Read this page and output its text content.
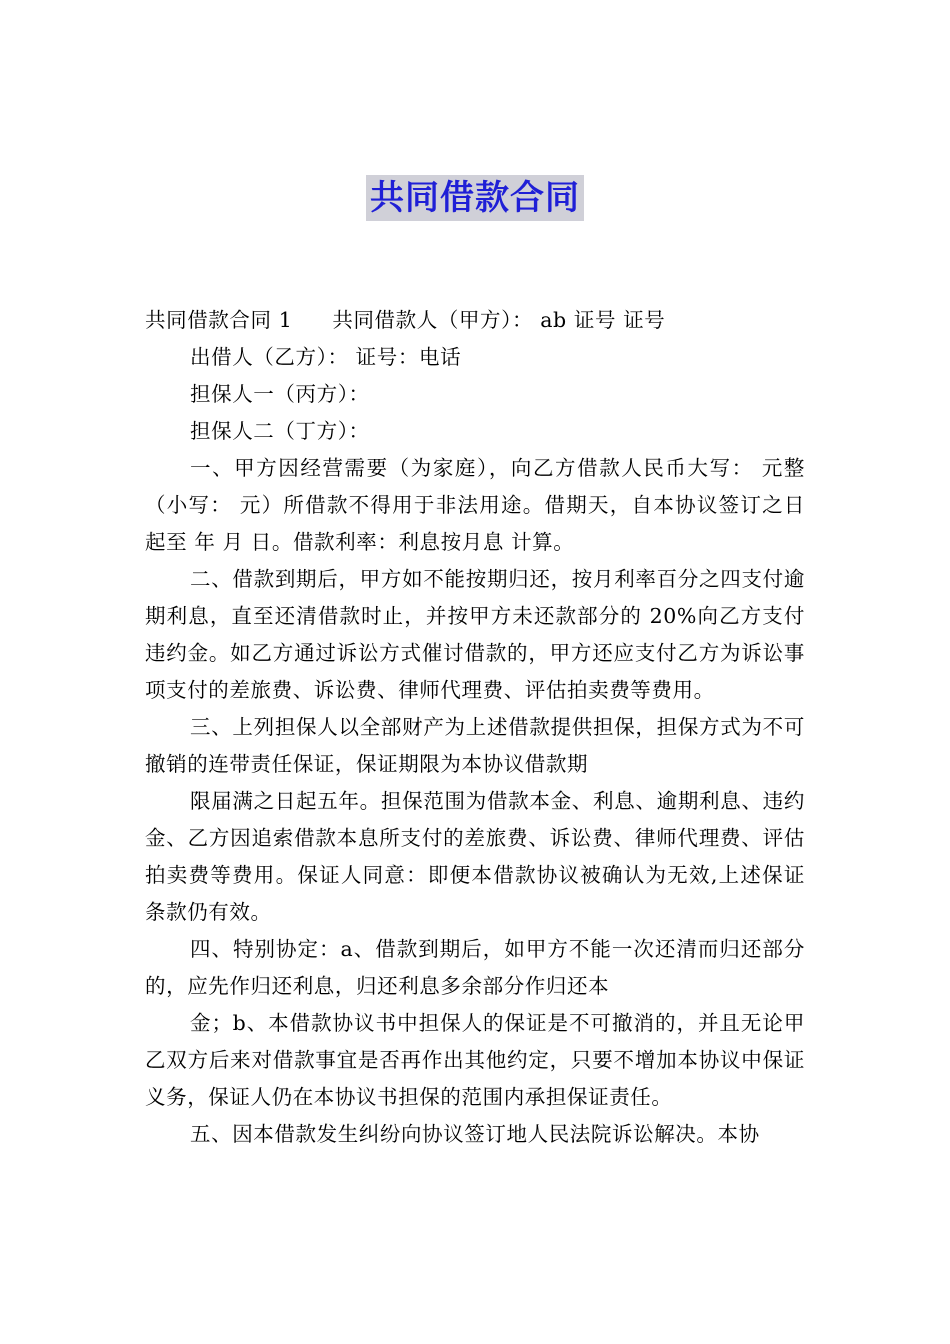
共同借款合同

共同借款合同 1 共同借款人（甲方）： ab 证号 证号

出借人（乙方）： 证号：电话

担保人一（丙方）：

担保人二（丁方）：

一、甲方因经营需要（为家庭），向乙方借款人民币大写： 元整（小写： 元）所借款不得用于非法用途。借期天，自本协议签订之日起至 年 月 日。借款利率：利息按月息 计算。

二、借款到期后，甲方如不能按期归还，按月利率百分之四支付逾期利息，直至还清借款时止，并按甲方未还款部分的 20%向乙方支付违约金。如乙方通过诉讼方式催讨借款的，甲方还应支付乙方为诉讼事项支付的差旅费、诉讼费、律师代理费、评估拍卖费等费用。

三、上列担保人以全部财产为上述借款提供担保，担保方式为不可撤销的连带责任保证，保证期限为本协议借款期

限届满之日起五年。担保范围为借款本金、利息、逾期利息、违约金、乙方因追索借款本息所支付的差旅费、诉讼费、律师代理费、评估拍卖费等费用。保证人同意：即便本借款协议被确认为无效,上述保证条款仍有效。

四、特别协定：a、借款到期后，如甲方不能一次还清而归还部分的，应先作归还利息，归还利息多余部分作归还本

金；b、本借款协议书中担保人的保证是不可撤消的，并且无论甲乙双方后来对借款事宜是否再作出其他约定，只要不增加本协议中保证义务，保证人仍在本协议书担保的范围内承担保证责任。

五、因本借款发生纠纷向协议签订地人民法院诉讼解决。本协
